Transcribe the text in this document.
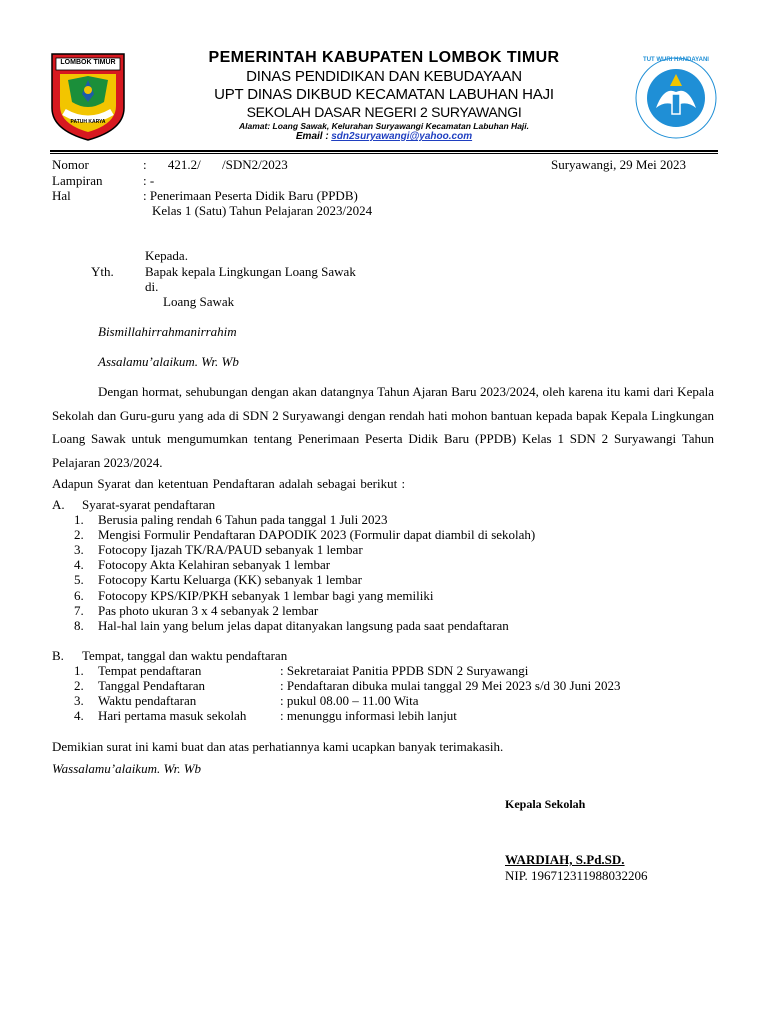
LOMBOK TIMUR
PATUH KARYA
TUT WURI HANDAYANI
PEMERINTAH KABUPATEN LOMBOK TIMUR
DINAS PENDIDIKAN DAN KEBUDAYAAN
UPT DINAS DIKBUD KECAMATAN LABUHAN HAJI
SEKOLAH DASAR NEGERI 2 SURYAWANGI
Alamat: Loang Sawak, Kelurahan Suryawangi Kecamatan Labuhan Haji.
Email : sdn2suryawangi@yahoo.com
Nomor	: 421.2/ /SDN2/2023	Suryawangi, 29 Mei 2023
Lampiran	: -
Hal	: Penerimaan Peserta Didik Baru (PPDB)
Kelas 1 (Satu) Tahun Pelajaran 2023/2024
Kepada.
Yth. Bapak kepala Lingkungan Loang Sawak
di.
Loang Sawak
Bismillahirrahmanirrahim
Assalamu’alaikum. Wr. Wb
Dengan hormat, sehubungan dengan akan datangnya Tahun Ajaran Baru 2023/2024, oleh karena itu kami dari Kepala Sekolah dan Guru-guru yang ada di SDN 2 Suryawangi dengan rendah hati mohon bantuan kepada bapak Kepala Lingkungan Loang Sawak untuk mengumumkan tentang Penerimaan Peserta Didik Baru (PPDB) Kelas 1 SDN 2 Suryawangi Tahun Pelajaran 2023/2024.
Adapun Syarat dan ketentuan Pendaftaran adalah sebagai berikut :
A. Syarat-syarat pendaftaran
1. Berusia paling rendah 6 Tahun pada tanggal 1 Juli 2023
2. Mengisi Formulir Pendaftaran DAPODIK 2023 (Formulir dapat diambil di sekolah)
3. Fotocopy Ijazah TK/RA/PAUD sebanyak 1 lembar
4. Fotocopy Akta Kelahiran sebanyak 1 lembar
5. Fotocopy Kartu Keluarga (KK) sebanyak 1 lembar
6. Fotocopy KPS/KIP/PKH sebanyak 1 lembar bagi yang memiliki
7. Pas photo ukuran 3 x 4 sebanyak 2 lembar
8. Hal-hal lain yang belum jelas dapat ditanyakan langsung pada saat pendaftaran
B. Tempat, tanggal dan waktu pendaftaran
1. Tempat pendaftaran	: Sekretaraiat Panitia PPDB SDN 2 Suryawangi
2. Tanggal Pendaftaran	: Pendaftaran dibuka mulai tanggal 29 Mei 2023 s/d 30 Juni 2023
3. Waktu pendaftaran	: pukul 08.00 – 11.00 Wita
4. Hari pertama masuk sekolah	: menunggu informasi lebih lanjut
Demikian surat ini kami buat dan atas perhatiannya kami ucapkan banyak terimakasih.
Wassalamu’alaikum. Wr. Wb
Kepala Sekolah
WARDIAH, S.Pd.SD.
NIP. 196712311988032206
